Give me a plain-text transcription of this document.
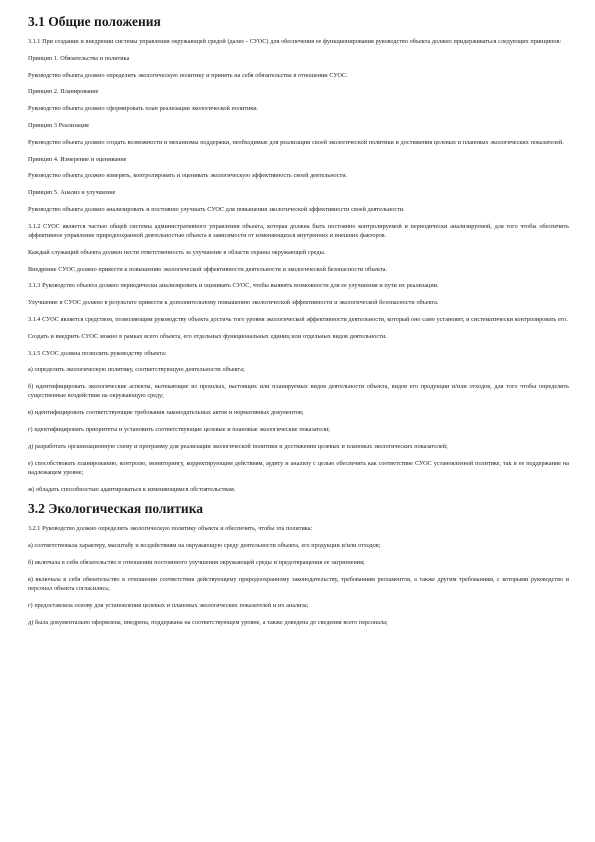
3.1 Общие положения

3.1.1 При создании и внедрении системы управления окружающей средой (далее - СУОС) для обеспечения ее функционирования руководство объекта должно придерживаться следующих принципов:

Принцип 1. Обязательства и политика

Руководство объекта должно определить экологическую политику и принять на себя обязательства в отношении СУОС.

Принцип 2. Планирование

Руководство объекта должно сформировать план реализации экологической политики.

Принцип 3 Реализация

Руководство объекта должно создать возможности и механизмы поддержки, необходимые для реализации своей экологической политики и достижения целевых и плановых экологических показателей.

Принцип 4. Измерение и оценивание

Руководство объекта должно измерять, контролировать и оценивать экологическую эффективность своей деятельности.

Принцип 5. Анализ и улучшение

Руководство объекта должно анализировать и постоянно улучшать СУОС для повышения экологической эффективности своей деятельности.

3.1.2 СУОС является частью общей системы административного управления объекта, которая должна быть постоянно контролируемой и периодически анализируемой, для того чтобы обеспечить эффективное управление природоохранной деятельностью объекта в зависимости от изменяющихся внутренних и внешних факторов.

Каждый служащий объекта должен нести ответственность за улучшение в области охраны окружающей среды.

Внедрение СУОС должно привести к повышению экологической эффективности деятельности и экологической безопасности объекта.

3.1.3 Руководство объекта должно периодически анализировать и оценивать СУОС, чтобы выявить возможности для ее улучшения и пути их реализации.

Улучшение в СУОС должно в результате привести к дополнительному повышению экологической эффективности и экологической безопасности объекта.

3.1.4 СУОС является средством, позволяющим руководству объекта достичь того уровня экологической эффективности деятельности, который оно само установит, и систематически контролировать его.

Создать и внедрить СУОС можно в рамках всего объекта, его отдельных функциональных единиц или отдельных видов деятельности.

3.1.5 СУОС должна позволить руководству объекта:

а) определить экологическую политику, соответствующую деятельности объекта;

б) идентифицировать экологические аспекты, вытекающие из прошлых, настоящих или планируемых видов деятельности объекта, видов его продукции и/или отходов, для того чтобы определить существенные воздействия на окружающую среду;

в) идентифицировать соответствующие требования законодательных актов и нормативных документов;

г) идентифицировать приоритеты и установить соответствующие целевые и плановые экологические показатели;

д) разработать организационную схему и программу для реализации экологической политики и достижения целевых и плановых экологических показателей;

е) способствовать планированию, контролю, мониторингу, корректирующим действиям, аудиту и анализу с целью обеспечить как соответствие СУОС установленной политике, так и ее поддержание на надлежащем уровне;

ж) обладать способностью адаптироваться к изменяющимся обстоятельствам.

3.2 Экологическая политика

3.2.1 Руководство должно определить экологическую политику объекта и обеспечить, чтобы эта политика:

а) соответствовала характеру, масштабу и воздействиям на окружающую среду деятельности объекта, его продукции и/или отходов;

б) включала в себя обязательство в отношении постоянного улучшения окружающей среды и предотвращения ее загрязнения;

в) включала в себя обязательство в отношении соответствия действующему природоохранному законодательству, требованиям регламентов, а также другим требованиям, с которыми руководство и персонал объекта согласились;

г) предоставляла основу для установления целевых и плановых экологических показателей и их анализа;

д) была документально оформлена, внедрена, поддержана на соответствующем уровне, а также доведена до сведения всего персонала;
